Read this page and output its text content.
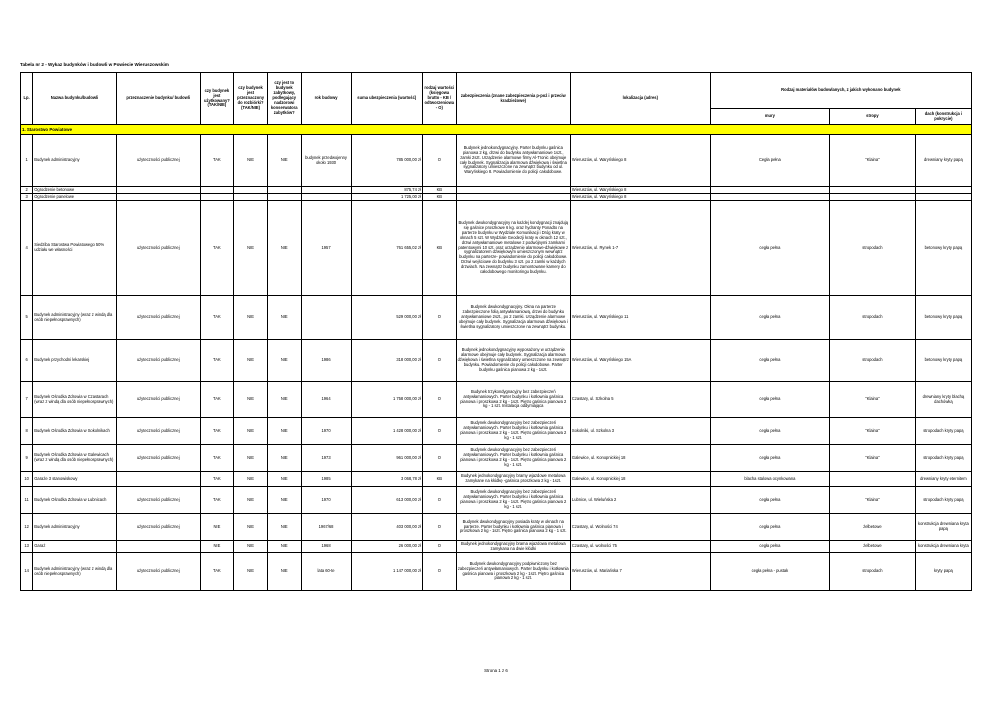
Tabela nr 2 - Wykaz budynków i budowli w Powiecie Wieruszowskim
Lp.	Nazwa budynku/budowli	przeznaczenie budynku/ budowli	czy budynek jest użytkowany? (TAK/NIE)	czy budynek jest przeznaczony do rozbiórki? (TAK/NIE)	czy jest to budynek zabytkowy, podlegający nadzorowi konserwatora zabytków?	rok budowy	suma ubezpieczenia (wartość)	rodzaj wartości (księgowa brutto - KB / odtworzeniowa - O)	zabezpieczenia (znane zabezpieczenia p-poż i przeciw kradzieżowe)	lokalizacja (adres)	Rodzaj materiałów budowlanych, z jakich wykonano budynek		
											mury	stropy	dach (konstrukcja i pokrycie)
1. Starostwo Powiatowe													
1	Budynek administracyjny	użyteczności publicznej	TAK	NIE	NIE	budynek przedwojenny około 1930	785 000,00 zł	O	Budynek jednokondygnacyjny. Parter budynku gaśnica pianowa 2 kg, drzwi do budynku antywłamaniowe 1szt., zamki 2szt. Urządzenie alarmowe firmy Al-Tronic obejmuje cały budynek. Sygnalizacja alarmowa dźwiękowa i świetlna sygnalizatory umieszczone na zewnątrz budynku od ul. Waryńskiego 8. Powiadomienie do policji całodobowe.	Wieruszów, ul. Waryńskiego 8	Cegła pełna	"Klaina"	drewniany kryty papą
2	Ogrodzenie betonowe						875,74 zł	KB		Wieruszów, ul. Waryńskiego 8			
3	Ogrodzenie panelowe						1 725,00 zł	KB		Wieruszów, ul. Waryńskiego 8			
4	Siedziba Starostwa Powiatowego 50% udziału we własności	użyteczności publicznej	TAK	NIE	NIE	1957	761 655,02 zł	KB	Budynek dwukondygnacyjny na każdej kondygnacji znajdują się gaśnice proszkowe 6 kg. oraz hydranty Ponadto na parterze budynku w Wydziale Komunikacji i Dróg kraty w oknach 5 szt. W Wydziale Geodezji kraty w oknach 12 szt., drzwi antywłamaniowe metalowe z podwójnymi zamkami patentowymi 10 szt. oraz urządzenie alarmowe-dźwiękowe z sygnalizatorem dźwiękowym umieszczonym wewnątrz budynku na parterze- powiadomienie do policji całodobowe. Drzwi wejściowe do budynku 3 szt. po 2 zamki w każdych drzwiach. Na zewnątrz budynku zamontowane kamery do całodobowego monitoringu budynku.	Wieruszów, ul. Rynek 1-7	cegła pełna	stropodach	betonowy kryty papą
5	Budynek administracyjny (wraz z windą dla osób niepełnosprawnych)	użyteczności publicznej	TAK	NIE	NIE		529 000,00 zł	O	Budynek dwukondygnacyjny. Okna na parterze zabezpieczone folią antywłamaniową, drzwi do budynku antywłamaniowe 2szt., po 2 zamki. Urządzenie alarmowe obejmuje cały budynek. Sygnalizacja alarmowa dźwiękowa i świetlna sygnalizatory umieszczone na zewnątrz budynku.	Wieruszów, ul. Waryńskiego 11	cegła pełna	stropodach	betonowy kryty papą
6	Budynek przychodni lekarskiej	użyteczności publicznej	TAK	NIE	NIE	1986	318 000,00 zł	O	Budynek jednokondygnacyjny wyposażony w urządzenie alarmowe obejmuje cały budynek. Sygnalizacja alarmowa dźwiękowa i świetlna sygnalizatory umieszczone na zewnątrz budynku. Powiadomienie do policji całodobowe. Parter budynku gaśnica pianowa 2 kg - 1szt.	Wieruszów, ul. Waryńskiego 15A	cegła pełna	stropodach	betonowy kryty papą
7	Budynek Ośrodka Zdrowia w Czastarach (wraz z windą dla osób niepełnosprawnych)	użyteczności publicznej	TAK	NIE	NIE	1964	1 758 000,00 zł	O	Budynek trzykondygnacyjny bez zabezpieczeń antywłamaniowych. Parter budynku i kotłownia gaśnica pianowa i proszkowa 2 kg - 1szt. Piętro gaśnica pianowa 2 kg - 1 szt. Instalacja oddymiająca	Czastary, ul. Szkolna 5	cegła pełna	"Klaina"	drewniany kryty blachą dachówką
8	Budynek Ośrodka Zdrowia w Sokolnikach	użyteczności publicznej	TAK	NIE	NIE	1970	1 428 000,00 zł	O	Budynek dwukondygnacyjny bez zabezpieczeń antywłamaniowych. Parter budynku i kotłownia gaśnica pianowa i proszkowa 2 kg - 1szt. Piętro gaśnica pianowa 2 kg - 1 szt.	Sokolniki, ul. Szkolna 3	cegła pełna	"Klaina"	stropodach kryty papą
9	Budynek Ośrodka Zdrowia w Galewicach (wraz z windą dla osób niepełnosprawnych)	użyteczności publicznej	TAK	NIE	NIE	1973	961 000,00 zł	O	Budynek dwukondygnacyjny bez zabezpieczeń antywłamaniowych. Parter budynku i kotłownia gaśnica pianowa i proszkowa 2 kg - 1szt. Piętro gaśnica pianowa 2 kg - 1 szt.	Galewice, ul. Konopnickiej 18	cegła pełna	"Klaina"	stropodach kryty papą
10	Garaże 3 stanowiskowy		TAK	NIE	NIE	1985	3 068,78 zł	KB	Budynek jednokondygnacyjny bramy wjazdowe metalowa zamykane na kłódkę -gaśnica proszkowa 2 kg - 1szt.	Galewice, ul. Konopnickiej 18	blacha stalowa ocynkowana		drewniany kryty eternitem
11	Budynek Ośrodka Zdrowia w Lubnicach	użyteczności publicznej	TAK	NIE	NIE	1970	613 000,00 zł	O	Budynek dwukondygnacyjny bez zabezpieczeń antywłamaniowych. Parter budynku i kotłownia gaśnica pianowa i proszkowa 2 kg - 1szt. Piętro gaśnica pianowa 2 kg - 1 szt.	Lubnice, ul. Wieluńska 2	cegła pełna	"Klaina"	stropodach kryty papą
12	Budynek administracyjny	użyteczności publicznej	NIE	NIE	NIE	1967/68	403 000,00 zł	O	Budynek dwukondygnacyjny posiada kraty w oknach na parterze. Parter budynku i kotłownia gaśnica pianowa i proszkowa 2 kg - 1szt. Piętro gaśnica pianowa 2 kg - 1 szt.	Czastary, ul. Wolności 74	cegła pełna	żelbetowe	konstrukcja drewniana kryta papą
13	Garaż		NIE	NIE	NIE	1968	26 000,00 zł	O	Budynek jednokondygnacyjny brama wjazdowa metalowa zamykana na dwie kłódki	Czastary, ul. wolności 75	cegła pełna	żelbetowe	konstrukcja drewniana kryta
14	Budynek administracyjny (wraz z windą dla osób niepełnosprawnych)	użyteczności publicznej	TAK	NIE	NIE	lata 60-te	1 147 000,00 zł	O	Budynek dwukondygnacyjny podpiwniczony bez zabezpieczeń antywłamaniowych. Parter budynku i kotłownia gaśnica pianowa i proszkowa 2 kg - 1szt. Piętro gaśnica pianowa 2 kg - 1 szt.	Wieruszów, ul. Mariańska 7	cegła pełna - pustak	stropodach	kryty papą
Strona 1 z 6
